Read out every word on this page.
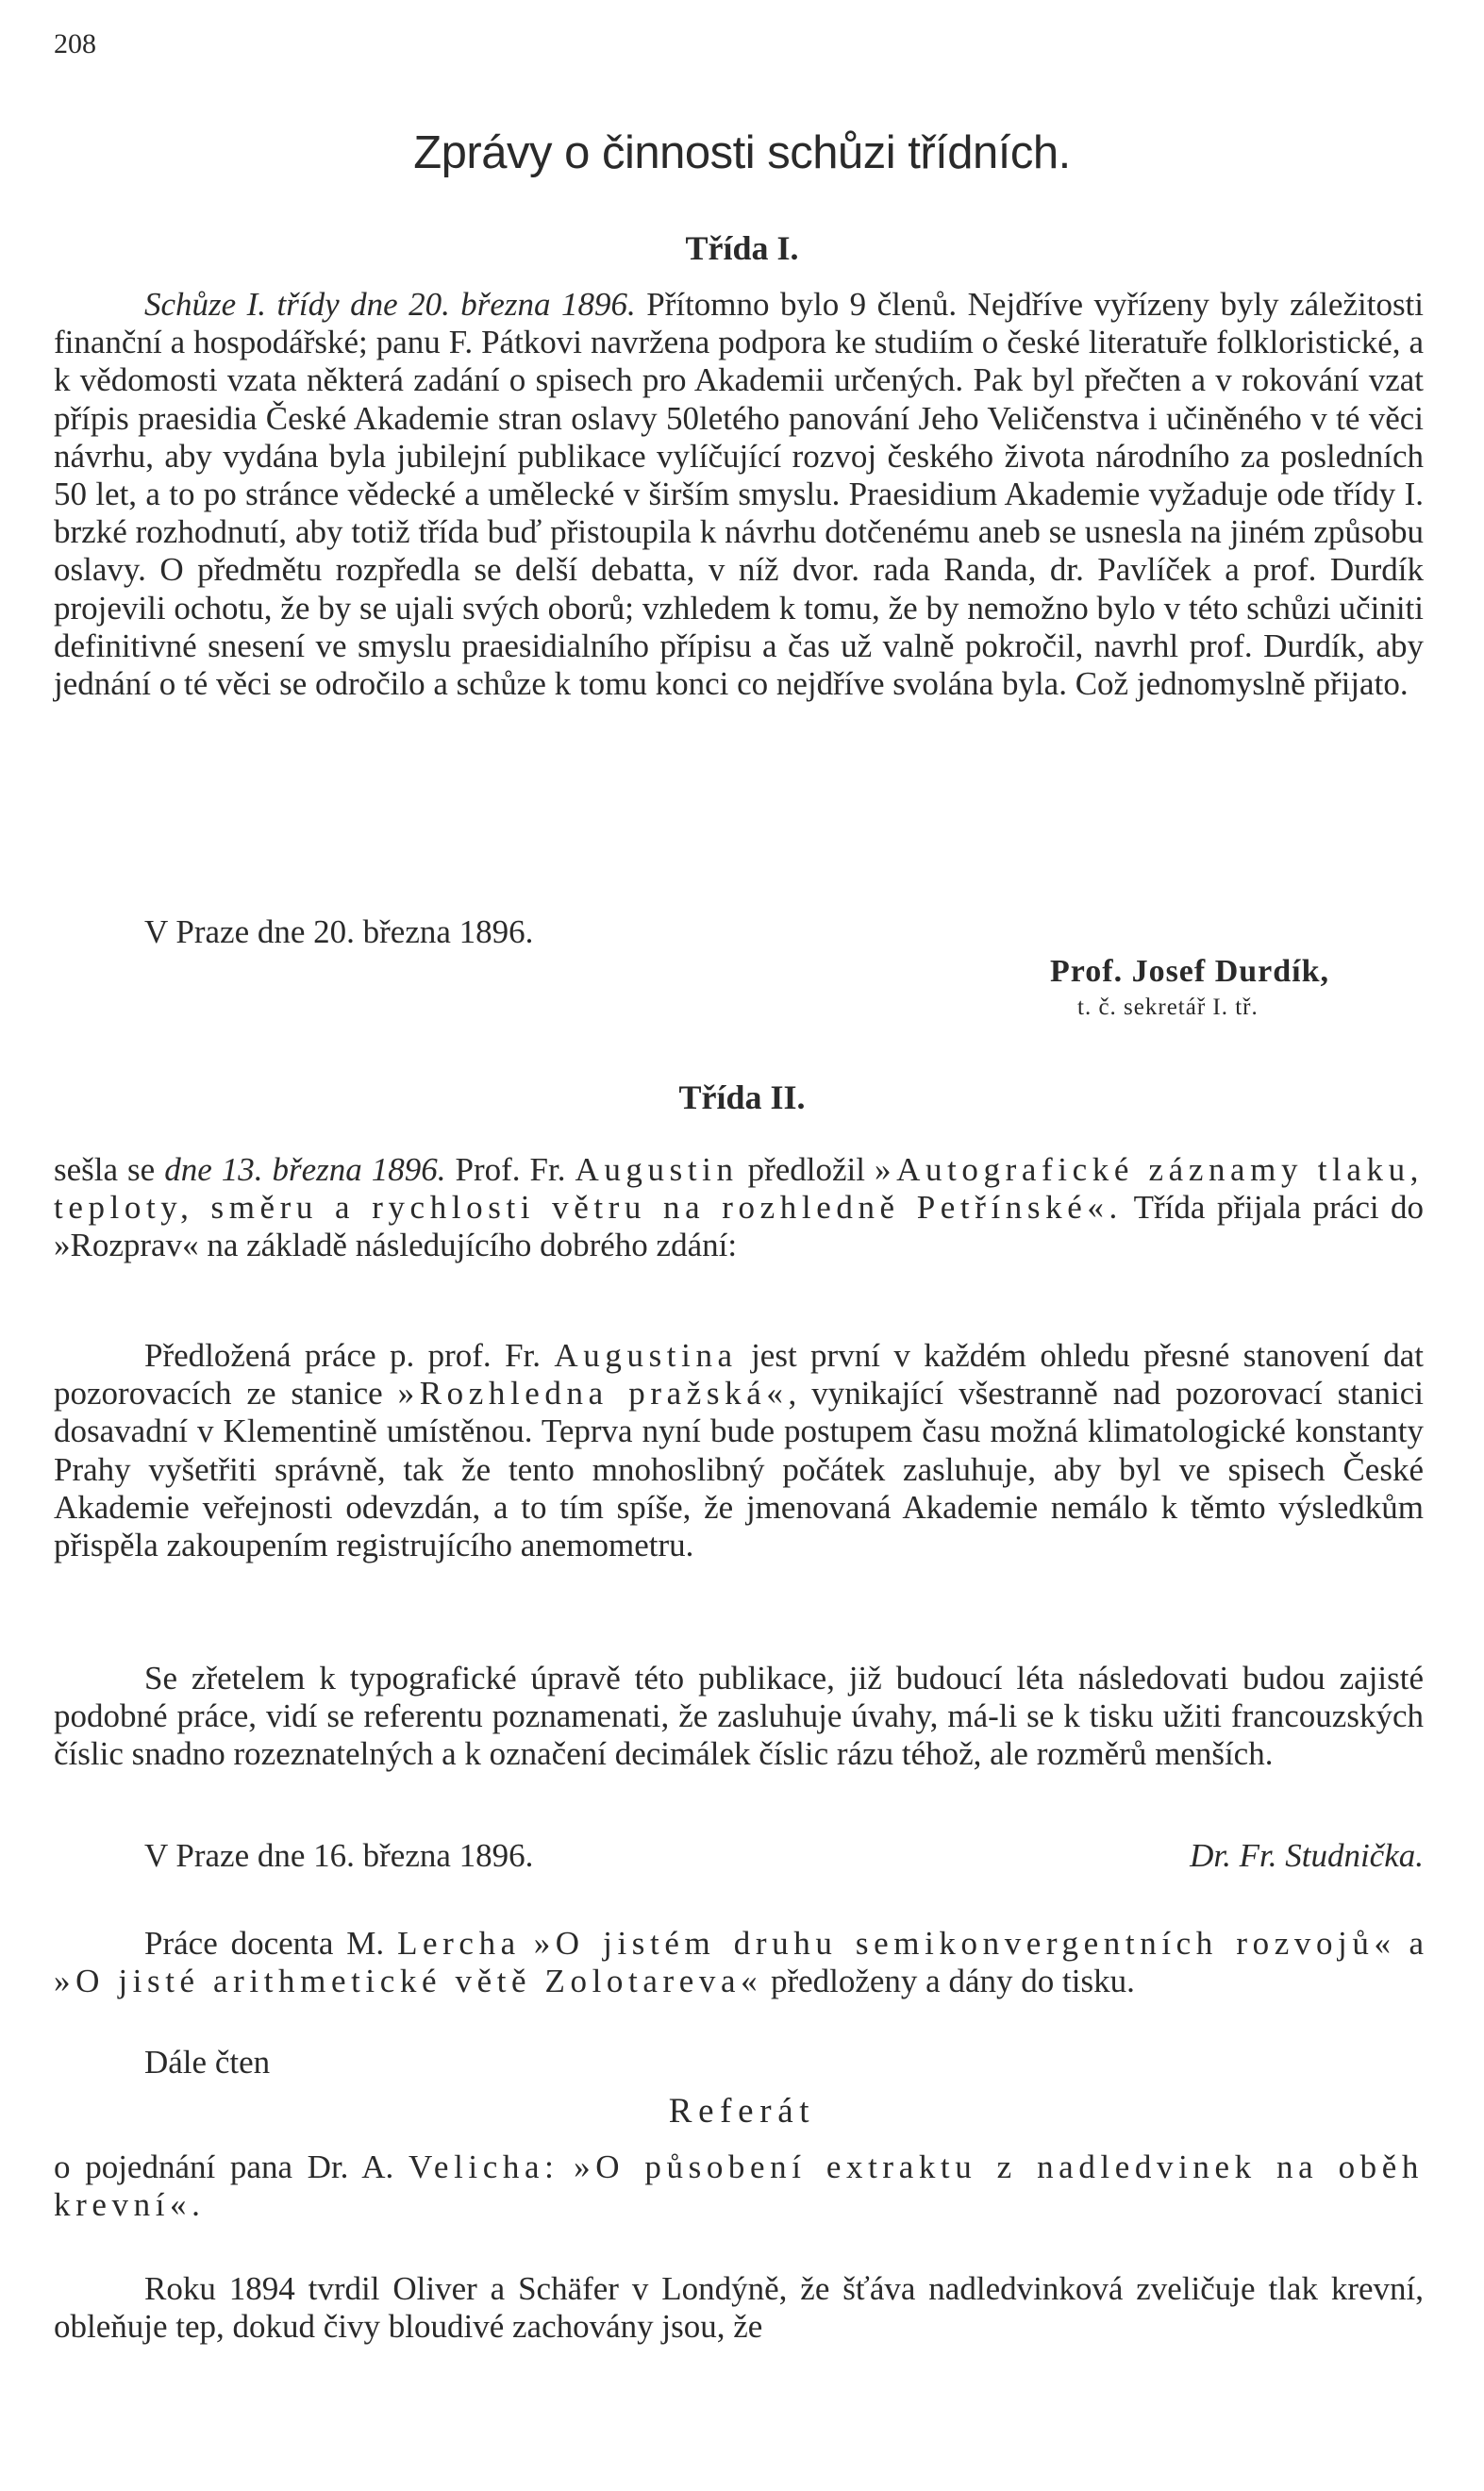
208
Zprávy o činnosti schůzi třídních.
Třída I.
Schůze I. třídy dne 20. března 1896. Přítomno bylo 9 členů. Nejdříve vyřízeny byly záležitosti finanční a hospodářské; panu F. Pátkovi navržena podpora ke studiím o české literatuře folkloristické, a k vědomosti vzata některá zadání o spisech pro Akademii určených. Pak byl přečten a v rokování vzat přípis praesidia České Akademie stran oslavy 50letého panování Jeho Veličenstva i učiněného v té věci návrhu, aby vydána byla jubilejní publikace vylíčující rozvoj českého života národního za posledních 50 let, a to po stránce vědecké a umělecké v širším smyslu. Praesidium Akademie vyžaduje ode třídy I. brzké rozhodnutí, aby totiž třída buď přistoupila k návrhu dotčenému aneb se usnesla na jiném způsobu oslavy. O předmětu rozpředla se delší debatta, v níž dvor. rada Randa, dr. Pavlíček a prof. Durdík projevili ochotu, že by se ujali svých oborů; vzhledem k tomu, že by nemožno bylo v této schůzi učiniti definitivné snesení ve smyslu praesidialního přípisu a čas už valně pokročil, navrhl prof. Durdík, aby jednání o té věci se odročilo a schůze k tomu konci co nejdříve svolána byla. Což jednomyslně přijato.
V Praze dne 20. března 1896.
Prof. Josef Durdík,
t. č. sekretář I. tř.
Třída II.
sešla se dne 13. března 1896. Prof. Fr. Augustin předložil »Autografické záznamy tlaku, teploty, směru a rychlosti větru na rozhledně Petřínské«. Třída přijala práci do »Rozprav« na základě následujícího dobrého zdání:
Předložená práce p. prof. Fr. Augustina jest první v každém ohledu přesné stanovení dat pozorovacích ze stanice »Rozhledna pražská«, vynikající všestranně nad pozorovací stanici dosavadní v Klementině umístěnou. Teprva nyní bude postupem času možná klimatologické konstanty Prahy vyšetřiti správně, tak že tento mnohoslibný počátek zasluhuje, aby byl ve spisech České Akademie veřejnosti odevzdán, a to tím spíše, že jmenovaná Akademie nemálo k těmto výsledkům přispěla zakoupením registrujícího anemometru.
Se zřetelem k typografické úpravě této publikace, již budoucí léta následovati budou zajisté podobné práce, vidí se referentu poznamenati, že zasluhuje úvahy, má-li se k tisku užiti francouzských číslic snadno rozeznatelných a k označení decimálek číslic rázu téhož, ale rozměrů menších.
V Praze dne 16. března 1896.	Dr. Fr. Studnička.
Práce docenta M. Lercha »O jistém druhu semikonvergentních rozvojů« a »O jisté arithmetické větě Zolotareva« předloženy a dány do tisku.
Dále čten
Referát
o pojednání pana Dr. A. Velicha: »O působení extraktu z nadledvinek na oběh krevní«.
Roku 1894 tvrdil Oliver a Schäfer v Londýně, že šťáva nadledvinková zveličuje tlak krevní, obleňuje tep, dokud čivy bloudivé zachovány jsou, že
